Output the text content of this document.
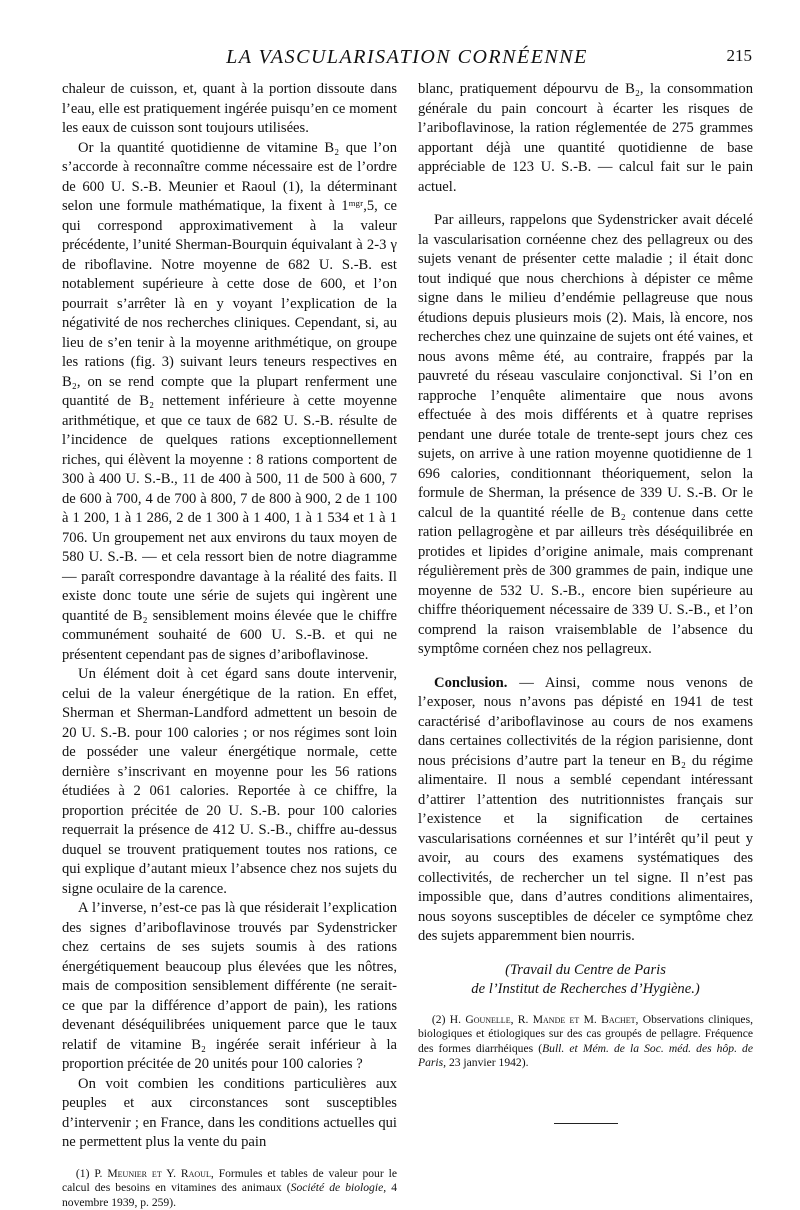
LA VASCULARISATION CORNÉENNE	215

chaleur de cuisson, et, quant à la portion dissoute dans l’eau, elle est pratiquement ingérée puisqu’en ce moment les eaux de cuisson sont toujours utilisées.

Or la quantité quotidienne de vitamine B₂ que l’on s’accorde à reconnaître comme nécessaire est de l’ordre de 600 U. S.-B. Meunier et Raoul (1), la déterminant selon une formule mathématique, la fixent à 1ᵐᵍʳ,5, ce qui correspond approximativement à la valeur précédente, l’unité Sherman-Bourquin équivalant à 2-3 γ de riboflavine. Notre moyenne de 682 U. S.-B. est notablement supérieure à cette dose de 600, et l’on pourrait s’arrêter là en y voyant l’explication de la négativité de nos recherches cliniques. Cependant, si, au lieu de s’en tenir à la moyenne arithmétique, on groupe les rations (fig. 3) suivant leurs teneurs respectives en B₂, on se rend compte que la plupart renferment une quantité de B₂ nettement inférieure à cette moyenne arithmétique, et que ce taux de 682 U. S.-B. résulte de l’incidence de quelques rations exceptionnellement riches, qui élèvent la moyenne : 8 rations comportent de 300 à 400 U. S.-B., 11 de 400 à 500, 11 de 500 à 600, 7 de 600 à 700, 4 de 700 à 800, 7 de 800 à 900, 2 de 1 100 à 1 200, 1 à 1 286, 2 de 1 300 à 1 400, 1 à 1 534 et 1 à 1 706. Un groupement net aux environs du taux moyen de 580 U. S.-B. — et cela ressort bien de notre diagramme — paraît correspondre davantage à la réalité des faits. Il existe donc toute une série de sujets qui ingèrent une quantité de B₂ sensiblement moins élevée que le chiffre communément souhaité de 600 U. S.-B. et qui ne présentent cependant pas de signes d’ariboflavinose.

Un élément doit à cet égard sans doute intervenir, celui de la valeur énergétique de la ration. En effet, Sherman et Sherman-Landford admettent un besoin de 20 U. S.-B. pour 100 calories ; or nos régimes sont loin de posséder une valeur énergétique normale, cette dernière s’inscrivant en moyenne pour les 56 rations étudiées à 2 061 calories. Reportée à ce chiffre, la proportion précitée de 20 U. S.-B. pour 100 calories requerrait la présence de 412 U. S.-B., chiffre au-dessus duquel se trouvent pratiquement toutes nos rations, ce qui explique d’autant mieux l’absence chez nos sujets du signe oculaire de la carence.

A l’inverse, n’est-ce pas là que résiderait l’explication des signes d’ariboflavinose trouvés par Sydenstricker chez certains de ses sujets soumis à des rations énergétiquement beaucoup plus élevées que les nôtres, mais de composition sensiblement différente (ne serait-ce que par la différence d’apport de pain), les rations devenant déséquilibrées uniquement parce que le taux relatif de vitamine B₂ ingérée serait inférieur à la proportion précitée de 20 unités pour 100 calories ?

On voit combien les conditions particulières aux peuples et aux circonstances sont susceptibles d’intervenir ; en France, dans les conditions actuelles qui ne permettent plus la vente du pain

(1) P. Meunier et Y. Raoul, Formules et tables de valeur pour le calcul des besoins en vitamines des animaux (Société de biologie, 4 novembre 1939, p. 259).

blanc, pratiquement dépourvu de B₂, la consommation générale du pain concourt à écarter les risques de l’ariboflavinose, la ration réglementée de 275 grammes apportant déjà une quantité quotidienne de base appréciable de 123 U. S.-B. — calcul fait sur le pain actuel.

Par ailleurs, rappelons que Sydenstricker avait décelé la vascularisation cornéenne chez des pellagreux ou des sujets venant de présenter cette maladie ; il était donc tout indiqué que nous cherchions à dépister ce même signe dans le milieu d’endémie pellagreuse que nous étudions depuis plusieurs mois (2). Mais, là encore, nos recherches chez une quinzaine de sujets ont été vaines, et nous avons même été, au contraire, frappés par la pauvreté du réseau vasculaire conjonctival. Si l’on en rapproche l’enquête alimentaire que nous avons effectuée à des mois différents et à quatre reprises pendant une durée totale de trente-sept jours chez ces sujets, on arrive à une ration moyenne quotidienne de 1 696 calories, conditionnant théoriquement, selon la formule de Sherman, la présence de 339 U. S.-B. Or le calcul de la quantité réelle de B₂ contenue dans cette ration pellagrogène et par ailleurs très déséquilibrée en protides et lipides d’origine animale, mais comprenant régulièrement près de 300 grammes de pain, indique une moyenne de 532 U. S.-B., encore bien supérieure au chiffre théoriquement nécessaire de 339 U. S.-B., et l’on comprend la raison vraisemblable de l’absence du symptôme cornéen chez nos pellagreux.

Conclusion. — Ainsi, comme nous venons de l’exposer, nous n’avons pas dépisté en 1941 de test caractérisé d’ariboflavinose au cours de nos examens dans certaines collectivités de la région parisienne, dont nous précisions d’autre part la teneur en B₂ du régime alimentaire. Il nous a semblé cependant intéressant d’attirer l’attention des nutritionnistes français sur l’existence et la signification de certaines vascularisations cornéennes et sur l’intérêt qu’il peut y avoir, au cours des examens systématiques des collectivités, de rechercher un tel signe. Il n’est pas impossible que, dans d’autres conditions alimentaires, nous soyons susceptibles de déceler ce symptôme chez des sujets apparemment bien nourris.

(Travail du Centre de Paris
de l’Institut de Recherches d’Hygiène.)

(2) H. Gounelle, R. Mande et M. Bachet, Observations cliniques, biologiques et étiologiques sur des cas groupés de pellagre. Fréquence des formes diarrhéiques (Bull. et Mém. de la Soc. méd. des hôp. de Paris, 23 janvier 1942).
